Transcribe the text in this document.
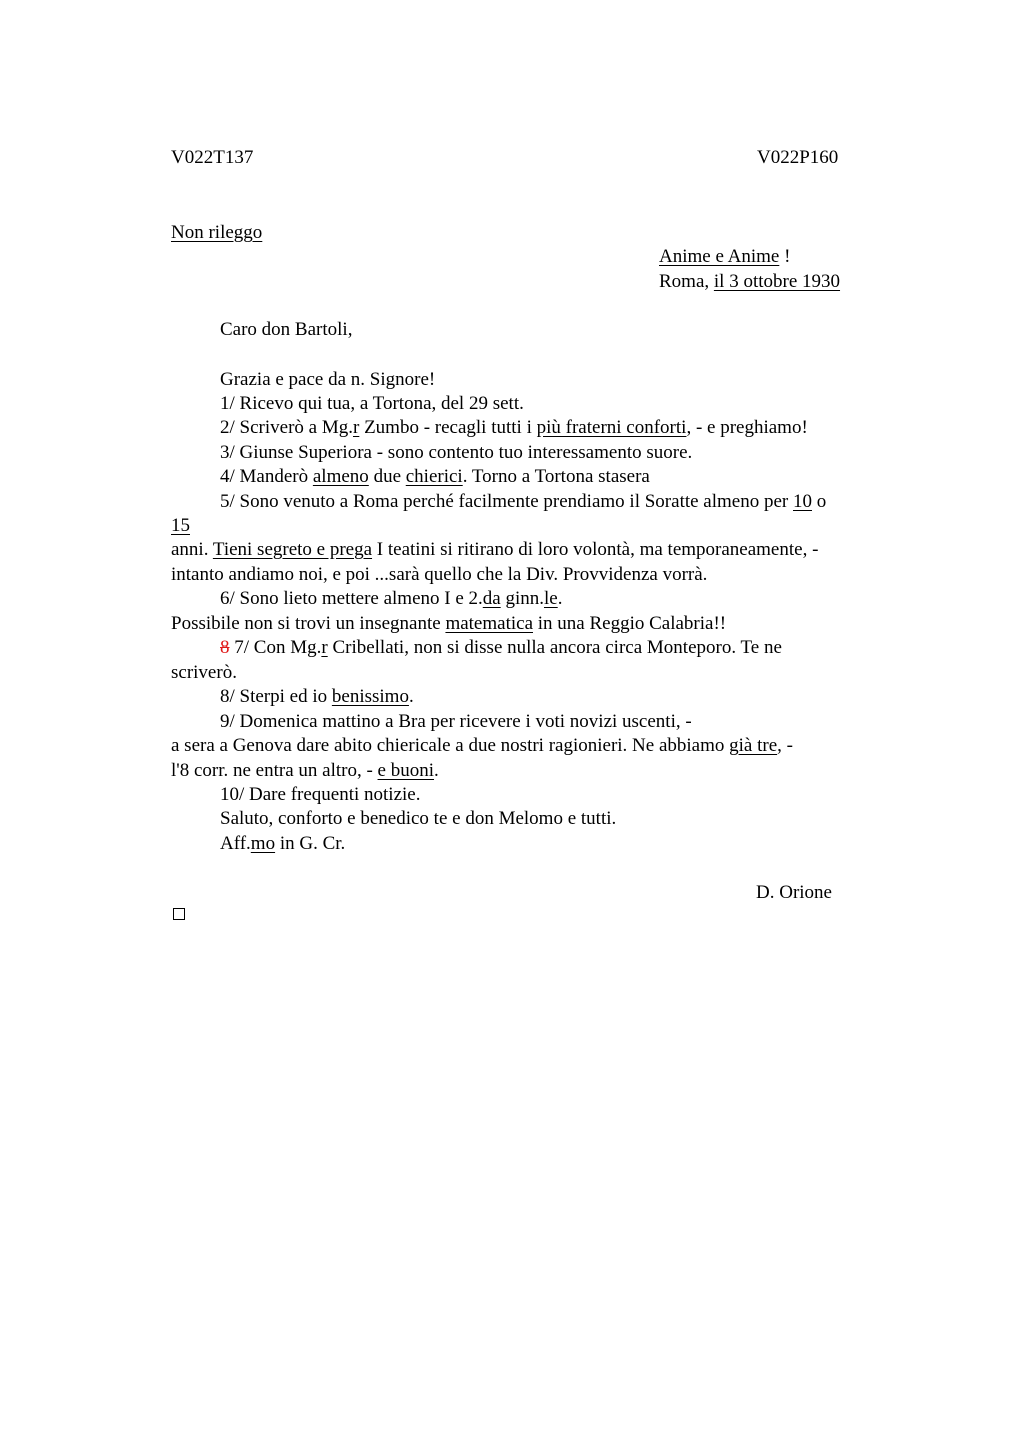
V022T137	V022P160
Non rileggo
Anime e Anime !
Roma, il 3 ottobre 1930
Caro don Bartoli,
Grazia e pace da n. Signore!
1/ Ricevo qui tua, a Tortona, del 29 sett.
2/ Scriverò a Mg.r Zumbo - recagli tutti i più fraterni conforti, - e preghiamo!
3/ Giunse Superiora - sono contento tuo interessamento suore.
4/ Manderò almeno due chierici. Torno a Tortona stasera
5/ Sono venuto a Roma perché facilmente prendiamo il Soratte almeno per 10 o
15
anni. Tieni segreto e prega I teatini si ritirano di loro volontà, ma temporaneamente, -
intanto andiamo noi, e poi ...sarà quello che la Div. Provvidenza vorrà.
6/ Sono lieto mettere almeno I e 2.da ginn.le.
Possibile non si trovi un insegnante matematica in una Reggio Calabria!!
8 7/ Con Mg.r Cribellati, non si disse nulla ancora circa Monteporo. Te ne
scriverò.
8/ Sterpi ed io benissimo.
9/ Domenica mattino a Bra per ricevere i voti novizi uscenti, -
a sera a Genova dare abito chiericale a due nostri ragionieri. Ne abbiamo già tre, -
l'8 corr. ne entra un altro, - e buoni.
10/ Dare frequenti notizie.
Saluto, conforto e benedico te e don Melomo e tutti.
Aff.mo in G. Cr.
D. Orione
